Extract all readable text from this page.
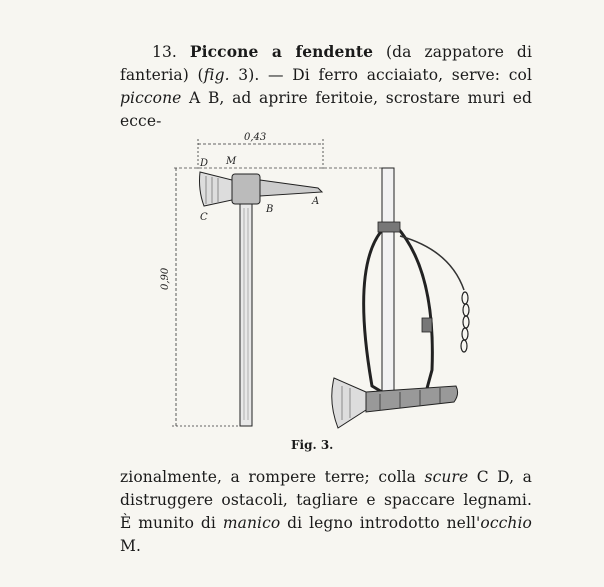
13. Piccone a fendente (da zappatore di fanteria) (fig. 3). — Di ferro acciaiato, serve: col piccone A B, ad aprire feritoie, scrostare muri ed ecce-

0,43
0,90
D M
C
B
A
Fig. 3.

zionalmente, a rompere terre; colla scure C D, a distruggere ostacoli, tagliare e spaccare legnami. È munito di manico di legno introdotto nell'occhio M.
